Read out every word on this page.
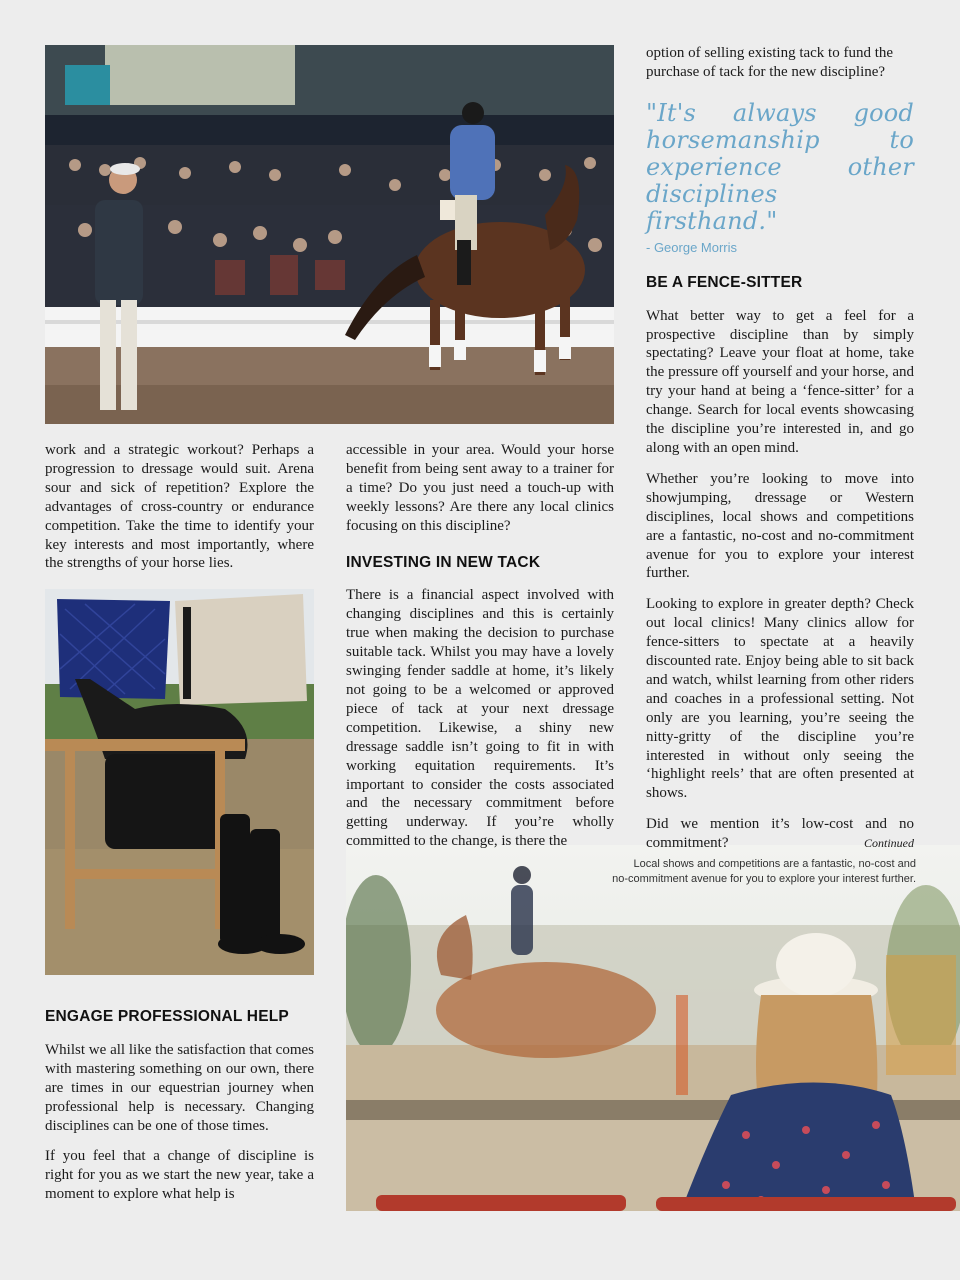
work and a strategic workout? Perhaps a progression to dressage would suit. Arena sour and sick of repetition? Explore the advantages of cross-country or endurance competition. Take the time to identify your key interests and most importantly, where the strengths of your horse lies.

ENGAGE PROFESSIONAL HELP

Whilst we all like the satisfaction that comes with mastering something on our own, there are times in our equestrian journey when professional help is necessary. Changing disciplines can be one of those times.

If you feel that a change of discipline is right for you as we start the new year, take a moment to explore what help is

accessible in your area. Would your horse benefit from being sent away to a trainer for a time? Do you just need a touch-up with weekly lessons? Are there any local clinics focusing on this discipline?

INVESTING IN NEW TACK

There is a financial aspect involved with changing disciplines and this is certainly true when making the decision to purchase suitable tack. Whilst you may have a lovely swinging fender saddle at home, it’s likely not going to be a welcomed or approved piece of tack at your next dressage competition. Likewise, a shiny new dressage saddle isn’t going to fit in with working equitation requirements. It’s important to consider the costs associated and the necessary commitment before getting underway. If you’re wholly committed to the change, is there the

option of selling existing tack to fund the purchase of tack for the new discipline?

"It's always good horsemanship to experience other disciplines firsthand."
- George Morris
BE A FENCE-SITTER

What better way to get a feel for a prospective discipline than by simply spectating? Leave your float at home, take the pressure off yourself and your horse, and try your hand at being a ‘fence-sitter’ for a change. Search for local events showcasing the discipline you’re interested in, and go along with an open mind.

Whether you’re looking to move into showjumping, dressage or Western disciplines, local shows and competitions are a fantastic, no-cost and no-commitment avenue for you to explore your interest further.

Looking to explore in greater depth? Check out local clinics! Many clinics allow for fence-sitters to spectate at a heavily discounted rate. Enjoy being able to sit back and watch, whilst learning from other riders and coaches in a professional setting. Not only are you learning, you’re seeing the nitty-gritty of the discipline you’re interested in without only seeing the ‘highlight reels’ that are often presented at shows.

Did we mention it’s low-cost and no commitment?	Continued

Local shows and competitions are a fantastic, no-cost and
no-commitment avenue for you to explore your interest further.
